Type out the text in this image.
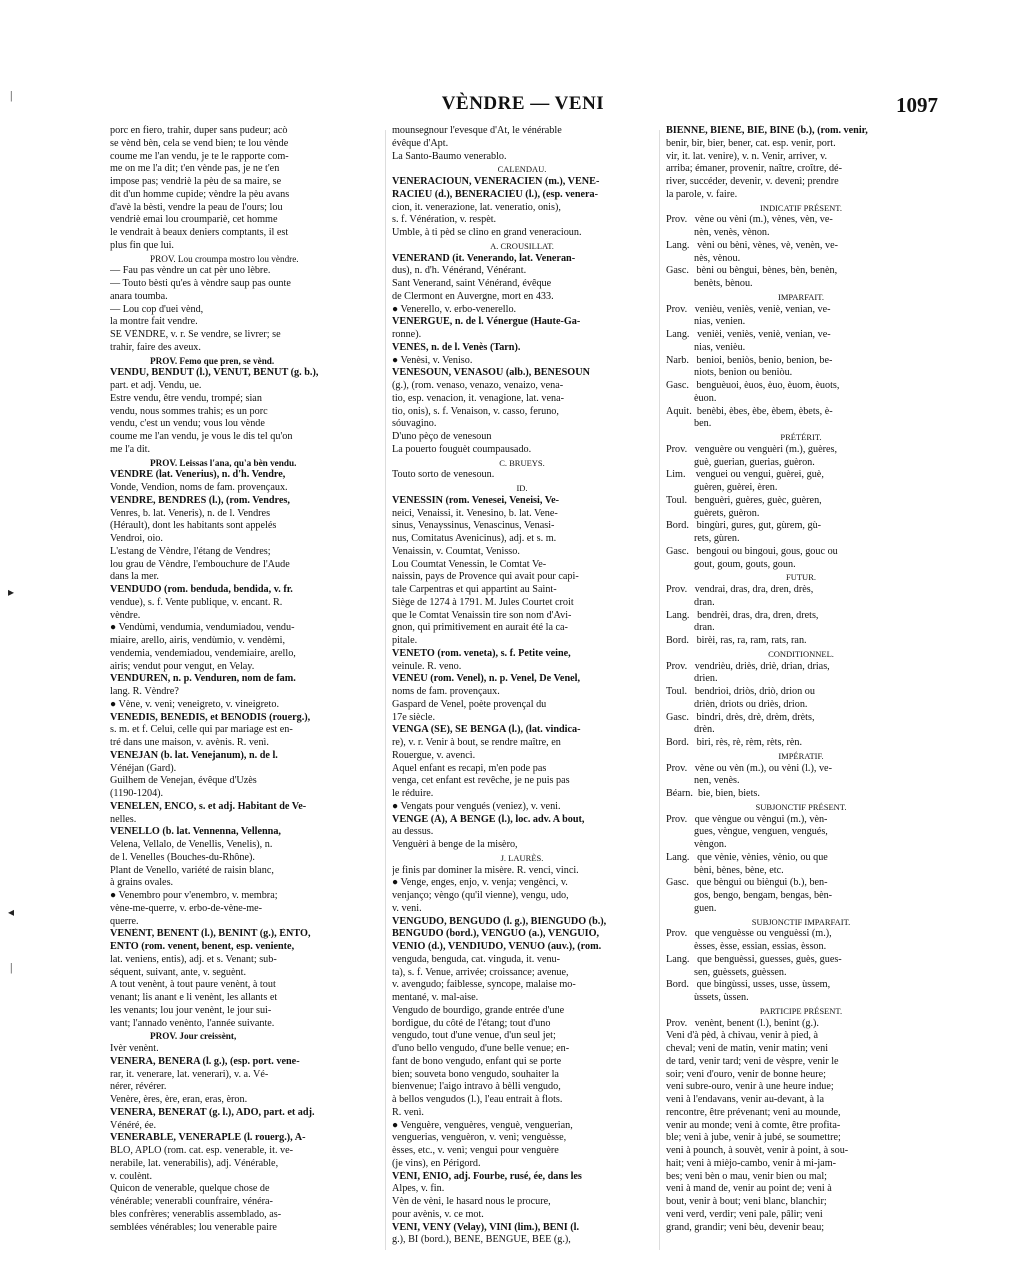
VÈNDRE — VENI	1097
porc en fiero, trahir, duper sans pudeur; acò
se vènd bèn, cela se vend bien; te lou vènde
coume me l'an vendu, je te le rapporte com-
me on me l'a dit; t'en vènde pas, je ne t'en
impose pas; vendriè la pèu de sa maire, se
dit d'un homme cupide; vèndre la pèu avans
d'avè la bèsti, vendre la peau de l'ours; lou
vendriè emai lou croumpariè, cet homme
le vendrait à beaux deniers comptants, il est
plus fin que lui.
PROV. Lou croumpa mostro lou vèndre.
— Fau pas vèndre un cat pèr uno lèbre.
— Touto bèsti qu'es à vèndre saup pas ounte
anara toumba.
— Lou cop d'uei vènd,
la montre fait vendre.
SE VÈNDRE, v. r. Se vendre, se livrer; se
trahir, faire des aveux.
PROV. Femo que pren, se vènd.
VENDU, BENDUT (l.), VENUT, BENUT (g. b.),
part. et adj. Vendu, ue.
Estre vendu, être vendu, trompé; sian
vendu, nous sommes trahis; es un porc
vendu, c'est un vendu; vous lou vènde
coume me l'an vendu, je vous le dis tel qu'on
me l'a dit.
PROV. Leissas l'ana, qu'a bèn vendu.
VÈNDRE (lat. Venerius), n. d'h. Vendre,
Vonde, Vendion, noms de fam. provençaux.
VÈNDRE, BENDRES (l.), (rom. Vendres,
Venres, b. lat. Veneris), n. de l. Vendres
(Hérault), dont les habitants sont appelés
Vendroi, oio.
L'estang de Vèndre, l'étang de Vendres;
lou grau de Vèndre, l'embouchure de l'Aude
dans la mer.
VENDUDO (rom. benduda, bendida, v. fr.
vendue), s. f. Vente publique, v. encant. R.
vèndre.
● Vendùmi, vendumia, vendumiadou, vendu-
miaire, arello, airis, vendùmio, v. vendèmi,
vendemia, vendemiadou, vendemiaire, arello,
airis; vendut pour vengut, en Velay.
VENDUREN, n. p. Venduren, nom de fam.
lang. R. Vèndre?
● Vène, v. venì; veneigreto, v. vineigreto.
VENEDIS, BENEDIS, et BENODIS (rouerg.),
s. m. et f. Celui, celle qui par mariage est en-
tré dans une maison, v. avènis. R. venì.
VENEJAN (b. lat. Venejanum), n. de l.
Vénéjan (Gard).
Guilhem de Venejan, évêque d'Uzès
(1190-1204).
VENELEN, ENCO, s. et adj. Habitant de Ve-
nelles.
VENELLO (b. lat. Vennenna, Vellenna,
Velena, Vellalo, de Venellis, Venelis), n.
de l. Venelles (Bouches-du-Rhône).
Plant de Venello, variété de raisin blanc,
à grains ovales.
● Venembro pour v'enembro, v. membra;
vène-me-querre, v. erbo-de-vène-me-
querre.
VENÈNT, BENENT (l.), BENINT (g.), ÈNTO,
ENTO (rom. venent, benent, esp. veniente,
lat. veniens, entis), adj. et s. Venant; sub-
séquent, suivant, ante, v. seguènt.
A tout venènt, à tout paure venènt, à tout
venant; lis anant e li venènt, les allants et
les venants; lou jour venènt, le jour sui-
vant; l'annado venènto, l'année suivante.
PROV. Jour creissènt,
Ivèr venènt.
VENERA, BENERA (l. g.), (esp. port. vene-
rar, it. venerare, lat. venerari), v. a. Vé-
nérer, révérer.
Venère, ères, ère, eran, eras, èron.
VENERA, BENERAT (g. l.), ADO, part. et adj.
Vénéré, ée.
VENERABLE, VENERAPLE (l. rouerg.), A-
BLO, APLO (rom. cat. esp. venerable, it. ve-
nerabile, lat. venerabilis), adj. Vénérable,
v. coulènt.
Quicon de venerable, quelque chose de
vénérable; venerabli counfraire, vénéra-
bles confrères; venerablis assemblado, as-
semblées vénérables; lou venerable paire
mounsegnour l'evesque d'At, le vénérable
évêque d'Apt.
La Santo-Baumo venerablo.
CALENDAU.
VENERACIOUN, VENERACIEN (m.), VENE-
RACIÈU (d.), BENERACIÈU (l.), (esp. venera-
cion, it. venerazione, lat. veneratio, onis),
s. f. Vénération, v. respèt.
Umble, à ti pèd se clino en grand veneracioun.
A. CROUSILLAT.
VENERAND (it. Venerando, lat. Veneran-
dus), n. d'h. Vénérand, Vénérant.
Sant Venerand, saint Vénérand, évêque
de Clermont en Auvergne, mort en 433.
● Venerello, v. erbo-venerello.
VENERGUE, n. de l. Vénergue (Haute-Ga-
ronne).
VENÈS, n. de l. Venès (Tarn).
● Venèsi, v. Veniso.
VENESOUN, VENASOU (alb.), BENESOUN
(g.), (rom. venaso, venazo, venaizo, vena-
tio, esp. venacion, it. venagione, lat. vena-
tio, onis), s. f. Venaison, v. casso, feruno,
sóuvagino.
D'uno pèço de venesoun
La pouerto fouguèt coumpausado.
C. BRUEYS.
Touto sorto de venesoun.
ID.
VENESSIN (rom. Venesei, Veneisi, Ve-
neici, Venaissi, it. Venesino, b. lat. Vene-
sinus, Venayssinus, Venascinus, Venasi-
nus, Comitatus Avenicinus), adj. et s. m.
Venaissin, v. Coumtat, Venisso.
Lou Coumtat Venessin, le Comtat Ve-
naissin, pays de Provence qui avait pour capi-
tale Carpentras et qui appartint au Saint-
Siège de 1274 à 1791. M. Jules Courtet croit
que le Comtat Venaissin tire son nom d'Avi-
gnon, qui primitivement en aurait été la ca-
pitale.
VENETO (rom. veneta), s. f. Petite veine,
veinule. R. veno.
VENÈU (rom. Venel), n. p. Venel, De Venel,
noms de fam. provençaux.
Gaspard de Venel, poète provençal du
17e siècle.
VENGA (SE), SE BENGA (l.), (lat. vindica-
re), v. r. Venir à bout, se rendre maître, en
Rouergue, v. avencì.
Aquel enfant es recapi, m'en pode pas
venga, cet enfant est revêche, je ne puis pas
le réduire.
● Vengats pour vengués (veniez), v. veni.
VENGE (À), À BENGE (l.), loc. adv. A bout,
au dessus.
Venguèri à benge de la misèro,
J. LAURÈS.
je finis par dominer la misère. R. venci, vinci.
● Venge, enges, enjo, v. venja; vengènci, v.
venjanço; vèngo (qu'il vienne), vengu, udo,
v. veni.
VENGUDO, BENGUDO (l. g.), BIENGUDO (b.),
BENGUDO (bord.), VENGUO (a.), VENGUIO,
VENIÒ (d.), VENDIUDO, VENUO (auv.), (rom.
venguda, benguda, cat. vinguda, it. venu-
ta), s. f. Venue, arrivée; croissance; avenue,
v. avengudo; faiblesse, syncope, malaise mo-
mentané, v. mal-aise.
Vengudo de bourdigo, grande entrée d'une
bordigue, du côté de l'étang; tout d'uno
vengudo, tout d'une venue, d'un seul jet;
d'uno bello vengudo, d'une belle venue; en-
fant de bono vengudo, enfant qui se porte
bien; souveta bono vengudo, souhaiter la
bienvenue; l'aigo intravo à bèlli vengudo,
à bellos vengudos (l.), l'eau entrait à flots.
R. venì.
● Venguère, venguères, venguè, venguerian,
venguerias, venguèron, v. venì; venguèsse,
èsses, etc., v. venì; vengui pour venguère
(je vins), en Périgord.
VÈNI, ÈNIO, adj. Fourbe, rusé, ée, dans les
Alpes, v. fin.
Vèn de vèni, le hasard nous le procure,
pour avènis, v. ce mot.
VENI, VENY (Velay), VINI (lim.), BENI (l.
g.), BI (bord.), BENE, BENGUE, BÉE (g.),
BIENNE, BIENE, BIÉ, BINE (b.), (rom. venir,
benir, bir, bier, bener, cat. esp. venir, port.
vir, it. lat. venire), v. n. Venir, arriver, v.
arriba; émaner, provenir, naître, croître, dé-
river, succéder, devenir, v. devenì; prendre
la parole, v. faire.
INDICATIF PRÉSENT.
Prov.   vène ou vèni (m.), vènes, vèn, ve-
nèn, venès, vènon.
Lang.   vèni ou bèni, vènes, vè, venèn, ve-
nès, vènou.
Gasc.   bèni ou bèngui, bènes, bèn, benèn,
benèts, bènou.
IMPARFAIT.
Prov.   venièu, veniès, veniè, venian, ve-
nias, venien.
Lang.   venièi, veniès, veniè, venian, ve-
nias, venièu.
Narb.   benioi, beniòs, benio, benion, be-
niots, benion ou beniòu.
Gasc.   benguèuoi, èuos, èuo, èuom, èuots,
èuon.
Aquit.  benèbi, èbes, èbe, èbem, èbets, è-
ben.
PRÉTÉRIT.
Prov.   venguère ou venguèri (m.), guères,
guè, guerian, guerias, guèron.
Lim.    venguei ou vengui, guèrei, guè,
guèren, guèrei, èren.
Toul.   benguèri, guères, guèc, guèren,
guèrets, guèron.
Bord.   bingùri, gures, gut, gùrem, gù-
rets, gùren.
Gasc.   bengoui ou bingoui, gous, gouc ou
gout, goum, gouts, goun.
FUTUR.
Prov.   vendrai, dras, dra, dren, drès,
dran.
Lang.   bendrèi, dras, dra, dren, drets,
dran.
Bord.   birèi, ras, ra, ram, rats, ran.
CONDITIONNEL.
Prov.   vendrièu, driès, driè, drian, drias,
drien.
Toul.   bendrioi, driòs, driò, drion ou
drièn, driots ou driès, drion.
Gasc.   bindri, drès, drè, drèm, drèts,
drèn.
Bord.   biri, rès, rè, rèm, rèts, rèn.
IMPÉRATIF.
Prov.   vène ou vèn (m.), ou vèni (l.), ve-
nen, venès.
Béarn.  bie, bien, biets.
SUBJONCTIF PRÉSENT.
Prov.   que vèngue ou vèngui (m.), vèn-
gues, vèngue, venguen, vengués,
vèngon.
Lang.   que vènie, vènies, vènio, ou que
bèni, bènes, bène, etc.
Gasc.   que bèngui ou bièngui (b.), ben-
gos, bengo, bengam, bengas, bèn-
guen.
SUBJONCTIF IMPARFAIT.
Prov.   que venguèsse ou venguèssi (m.),
èsses, èsse, essian, essias, èsson.
Lang.   que benguèssi, guesses, guès, gues-
sen, guèssets, guèssen.
Bord.   que bingùssi, usses, usse, ùssem,
ùssets, ùssen.
PARTICIPE PRÉSENT.
Prov.   venènt, benent (l.), benint (g.).
Veni d'à pèd, à chivau, venir à pied, à
cheval; veni de matin, venir matin; veni
de tard, venir tard; veni de vèspre, venir le
soir; veni d'ouro, venir de bonne heure;
veni subre-ouro, venir à une heure indue;
veni à l'endavans, venir au-devant, à la
rencontre, être prévenant; veni au mounde,
venir au monde; veni à comte, être profita-
ble; veni à jube, venir à jubé, se soumettre;
veni à pounch, à souvèt, venir à point, à sou-
hait; veni à mièjo-cambo, venir à mi-jam-
bes; veni bèn o mau, venir bien ou mal;
veni à mand de, venir au point de; veni à
bout, venir à bout; veni blanc, blanchir;
veni verd, verdir; veni pale, pâlir; veni
grand, grandir; veni bèu, devenir beau;
|
▸
◂
|
